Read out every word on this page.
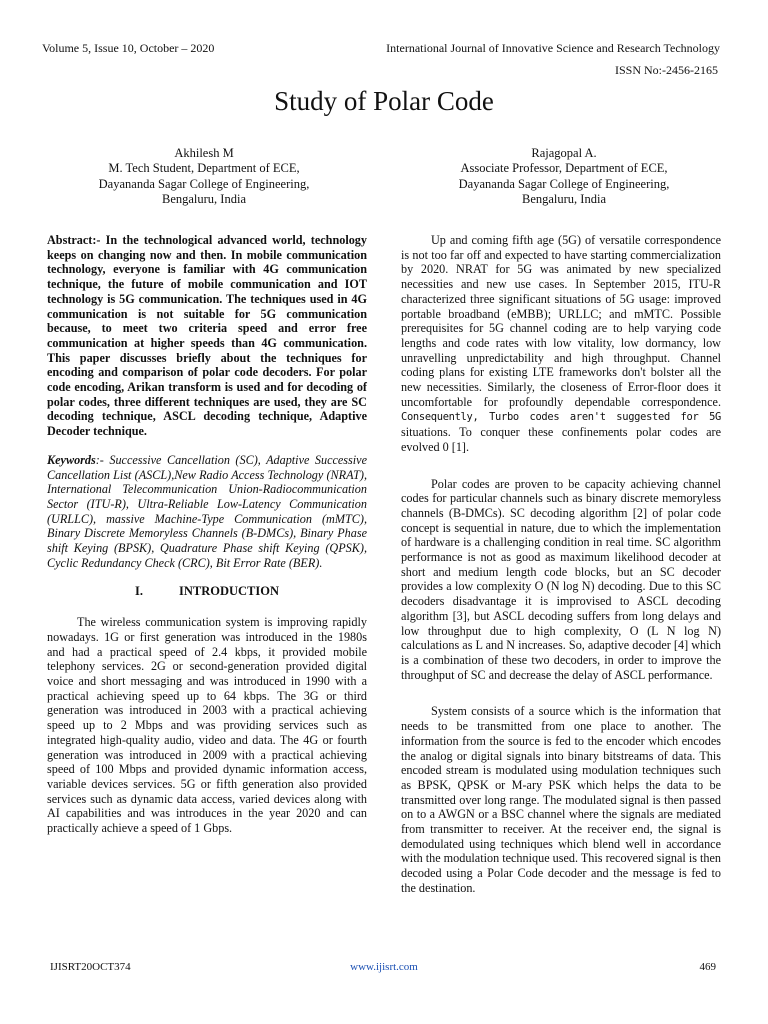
Volume 5, Issue 10, October – 2020	International Journal of Innovative Science and Research Technology
ISSN No:-2456-2165
Study of Polar Code
Akhilesh M
M. Tech Student, Department of ECE,
Dayananda Sagar College of Engineering,
Bengaluru, India
Rajagopal A.
Associate Professor, Department of ECE,
Dayananda Sagar College of Engineering,
Bengaluru, India

Abstract:- In the technological advanced world, technology keeps on changing now and then. In mobile communication technology, everyone is familiar with 4G communication technique, the future of mobile communication and IOT technology is 5G communication. The techniques used in 4G communication is not suitable for 5G communication because, to meet two criteria speed and error free communication at higher speeds than 4G communication. This paper discusses briefly about the techniques for encoding and comparison of polar code decoders. For polar code encoding, Arikan transform is used and for decoding of polar codes, three different techniques are used, they are SC decoding technique, ASCL decoding technique, Adaptive Decoder technique.

Keywords:- Successive Cancellation (SC), Adaptive Successive Cancellation List (ASCL),New Radio Access Technology (NRAT), International Telecommunication Union-Radiocommunication Sector (ITU-R), Ultra-Reliable Low-Latency Communication (URLLC), massive Machine-Type Communication (mMTC), Binary Discrete Memoryless Channels (B-DMCs), Binary Phase shift Keying (BPSK), Quadrature Phase shift Keying (QPSK), Cyclic Redundancy Check (CRC), Bit Error Rate (BER).

I.	INTRODUCTION

The wireless communication system is improving rapidly nowadays. 1G or first generation was introduced in the 1980s and had a practical speed of 2.4 kbps, it provided mobile telephony services. 2G or second-generation provided digital voice and short messaging and was introduced in 1990 with a practical achieving speed up to 64 kbps. The 3G or third generation was introduced in 2003 with a practical achieving speed up to 2 Mbps and was providing services such as integrated high-quality audio, video and data. The 4G or fourth generation was introduced in 2009 with a practical achieving speed of 100 Mbps and provided dynamic information access, variable devices services. 5G or fifth generation also provided services such as dynamic data access, varied devices along with AI capabilities and was introduces in the year 2020 and can practically achieve a speed of 1 Gbps.

Up and coming fifth age (5G) of versatile correspondence is not too far off and expected to have starting commercialization by 2020. NRAT for 5G was animated by new specialized necessities and new use cases. In September 2015, ITU-R characterized three significant situations of 5G usage: improved portable broadband (eMBB); URLLC; and mMTC. Possible prerequisites for 5G channel coding are to help varying code lengths and code rates with low vitality, low dormancy, low unravelling unpredictability and high throughput. Channel coding plans for existing LTE frameworks don't bolster all the new necessities. Similarly, the closeness of Error-floor does it uncomfortable for profoundly dependable correspondence. Consequently, Turbo codes aren't suggested for 5G situations. To conquer these confinements polar codes are evolved 0 [1].

Polar codes are proven to be capacity achieving channel codes for particular channels such as binary discrete memoryless channels (B-DMCs). SC decoding algorithm [2] of polar code concept is sequential in nature, due to which the implementation of hardware is a challenging condition in real time. SC algorithm performance is not as good as maximum likelihood decoder at short and medium length code blocks, but an SC decoder provides a low complexity O (N log N) decoding. Due to this SC decoders disadvantage it is improvised to ASCL decoding algorithm [3], but ASCL decoding suffers from long delays and low throughput due to high complexity, O (L N log N) calculations as L and N increases. So, adaptive decoder [4] which is a combination of these two decoders, in order to improve the throughput of SC and decrease the delay of ASCL performance.

System consists of a source which is the information that needs to be transmitted from one place to another. The information from the source is fed to the encoder which encodes the analog or digital signals into binary bitstreams of data. This encoded stream is modulated using modulation techniques such as BPSK, QPSK or M-ary PSK which helps the data to be transmitted over long range. The modulated signal is then passed on to a AWGN or a BSC channel where the signals are mediated from transmitter to receiver. At the receiver end, the signal is demodulated using techniques which blend well in accordance with the modulation technique used. This recovered signal is then decoded using a Polar Code decoder and the message is fed to the destination.

IJISRT20OCT374	www.ijisrt.com	469
